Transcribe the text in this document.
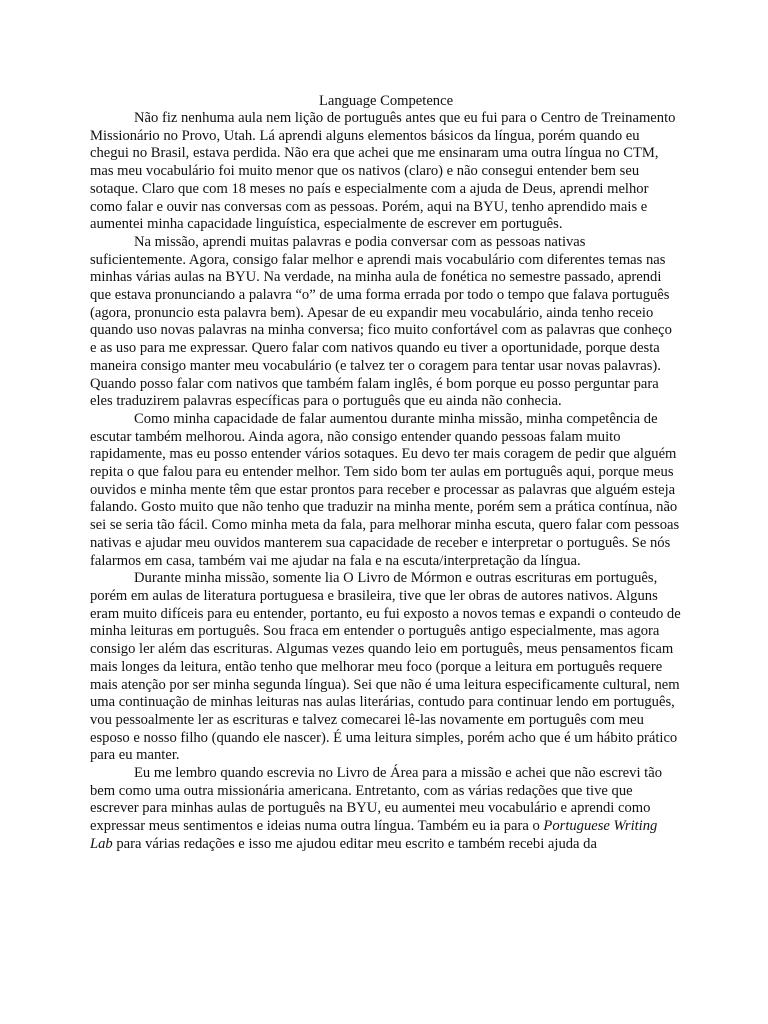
Language Competence

Não fiz nenhuma aula nem lição de português antes que eu fui para o Centro de Treinamento Missionário no Provo, Utah. Lá aprendi alguns elementos básicos da língua, porém quando eu chegui no Brasil, estava perdida. Não era que achei que me ensinaram uma outra língua no CTM, mas meu vocabulário foi muito menor que os nativos (claro) e não consegui entender bem seu sotaque. Claro que com 18 meses no país e especialmente com a ajuda de Deus, aprendi melhor como falar e ouvir nas conversas com as pessoas. Porém, aqui na BYU, tenho aprendido mais e aumentei minha capacidade linguística, especialmente de escrever em português.

Na missão, aprendi muitas palavras e podia conversar com as pessoas nativas suficientemente. Agora, consigo falar melhor e aprendi mais vocabulário com diferentes temas nas minhas várias aulas na BYU. Na verdade, na minha aula de fonética no semestre passado, aprendi que estava pronunciando a palavra “o” de uma forma errada por todo o tempo que falava português (agora, pronuncio esta palavra bem). Apesar de eu expandir meu vocabulário, ainda tenho receio quando uso novas palavras na minha conversa; fico muito confortável com as palavras que conheço e as uso para me expressar. Quero falar com nativos quando eu tiver a oportunidade, porque desta maneira consigo manter meu vocabulário (e talvez ter o coragem para tentar usar novas palavras). Quando posso falar com nativos que também falam inglês, é bom porque eu posso perguntar para eles traduzirem palavras específicas para o português que eu ainda não conhecia.

Como minha capacidade de falar aumentou durante minha missão, minha competência de escutar também melhorou. Ainda agora, não consigo entender quando pessoas falam muito rapidamente, mas eu posso entender vários sotaques. Eu devo ter mais coragem de pedir que alguém repita o que falou para eu entender melhor. Tem sido bom ter aulas em português aqui, porque meus ouvidos e minha mente têm que estar prontos para receber e processar as palavras que alguém esteja falando. Gosto muito que não tenho que traduzir na minha mente, porém sem a prática contínua, não sei se seria tão fácil. Como minha meta da fala, para melhorar minha escuta, quero falar com pessoas nativas e ajudar meu ouvidos manterem sua capacidade de receber e interpretar o português. Se nós falarmos em casa, também vai me ajudar na fala e na escuta/interpretação da língua.

Durante minha missão, somente lia O Livro de Mórmon e outras escrituras em português, porém em aulas de literatura portuguesa e brasileira, tive que ler obras de autores nativos. Alguns eram muito difíceis para eu entender, portanto, eu fui exposto a novos temas e expandi o conteudo de minha leituras em português. Sou fraca em entender o português antigo especialmente, mas agora consigo ler além das escrituras. Algumas vezes quando leio em português, meus pensamentos ficam mais longes da leitura, então tenho que melhorar meu foco (porque a leitura em português requere mais atenção por ser minha segunda língua). Sei que não é uma leitura especificamente cultural, nem uma continuação de minhas leituras nas aulas literárias, contudo para continuar lendo em português, vou pessoalmente ler as escrituras e talvez comecarei lê-las novamente em português com meu esposo e nosso filho (quando ele nascer). É uma leitura simples, porém acho que é um hábito prático para eu manter.

Eu me lembro quando escrevia no Livro de Área para a missão e achei que não escrevi tão bem como uma outra missionária americana. Entretanto, com as várias redações que tive que escrever para minhas aulas de português na BYU, eu aumentei meu vocabulário e aprendi como expressar meus sentimentos e ideias numa outra língua. Também eu ia para o Portuguese Writing Lab para várias redações e isso me ajudou editar meu escrito e também recebi ajuda da
